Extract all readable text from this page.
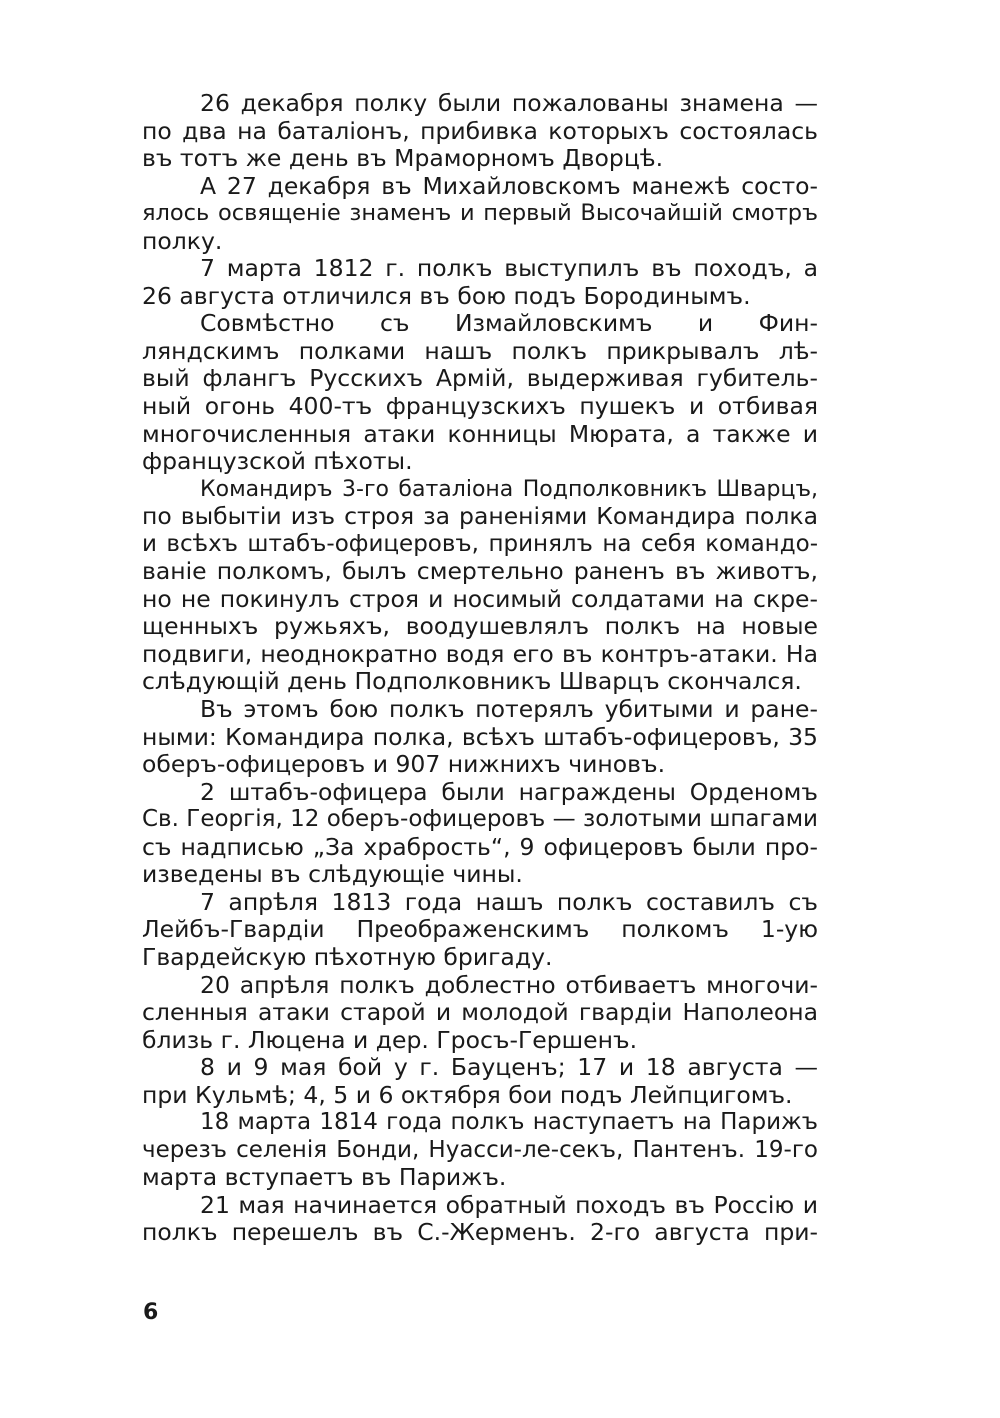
26 декабря полку были пожалованы знамена —
по два на баталіонъ, прибивка которыхъ состоялась
въ тотъ же день въ Мраморномъ Дворцѣ.

А 27 декабря въ Михайловскомъ манежѣ состо-
ялось освященіе знаменъ и первый Высочайшій смотръ
полку.

7 марта 1812 г. полкъ выступилъ въ походъ, а
26 августа отличился въ бою подъ Бородинымъ.

Совмѣстно съ Измайловскимъ и Фин-
ляндскимъ полками нашъ полкъ прикрывалъ лѣ-
вый флангъ Русскихъ Армій, выдерживая губитель-
ный огонь 400-тъ французскихъ пушекъ и отбивая
многочисленныя атаки конницы Мюрата, а также и
французской пѣхоты.

Командиръ 3-го баталіона Подполковникъ Шварцъ,
по выбытіи изъ строя за раненіями Командира полка
и всѣхъ штабъ-офицеровъ, принялъ на себя командо-
ваніе полкомъ, былъ смертельно раненъ въ животъ,
но не покинулъ строя и носимый солдатами на скре-
щенныхъ ружьяхъ, воодушевлялъ полкъ на новые
подвиги, неоднократно водя его въ контръ-атаки. На
слѣдующій день Подполковникъ Шварцъ скончался.

Въ этомъ бою полкъ потерялъ убитыми и ране-
ными: Командира полка, всѣхъ штабъ-офицеровъ, 35
оберъ-офицеровъ и 907 нижнихъ чиновъ.

2 штабъ-офицера были награждены Орденомъ
Св. Георгія, 12 оберъ-офицеровъ — золотыми шпагами
съ надписью „За храбрость“, 9 офицеровъ были про-
изведены въ слѣдующіе чины.

7 апрѣля 1813 года нашъ полкъ составилъ съ
Лейбъ-Гвардіи Преображенскимъ полкомъ 1-ую
Гвардейскую пѣхотную бригаду.

20 апрѣля полкъ доблестно отбиваетъ многочи-
сленныя атаки старой и молодой гвардіи Наполеона
близь г. Люцена и дер. Гросъ-Гершенъ.

8 и 9 мая бой у г. Бауценъ; 17 и 18 августа —
при Кульмѣ; 4, 5 и 6 октября бои подъ Лейпцигомъ.

18 марта 1814 года полкъ наступаетъ на Парижъ
черезъ селенія Бонди, Нуасси-ле-секъ, Пантенъ. 19-го
марта вступаетъ въ Парижъ.

21 мая начинается обратный походъ въ Россію и
полкъ перешелъ въ С.-Жерменъ. 2-го августа при-

6
